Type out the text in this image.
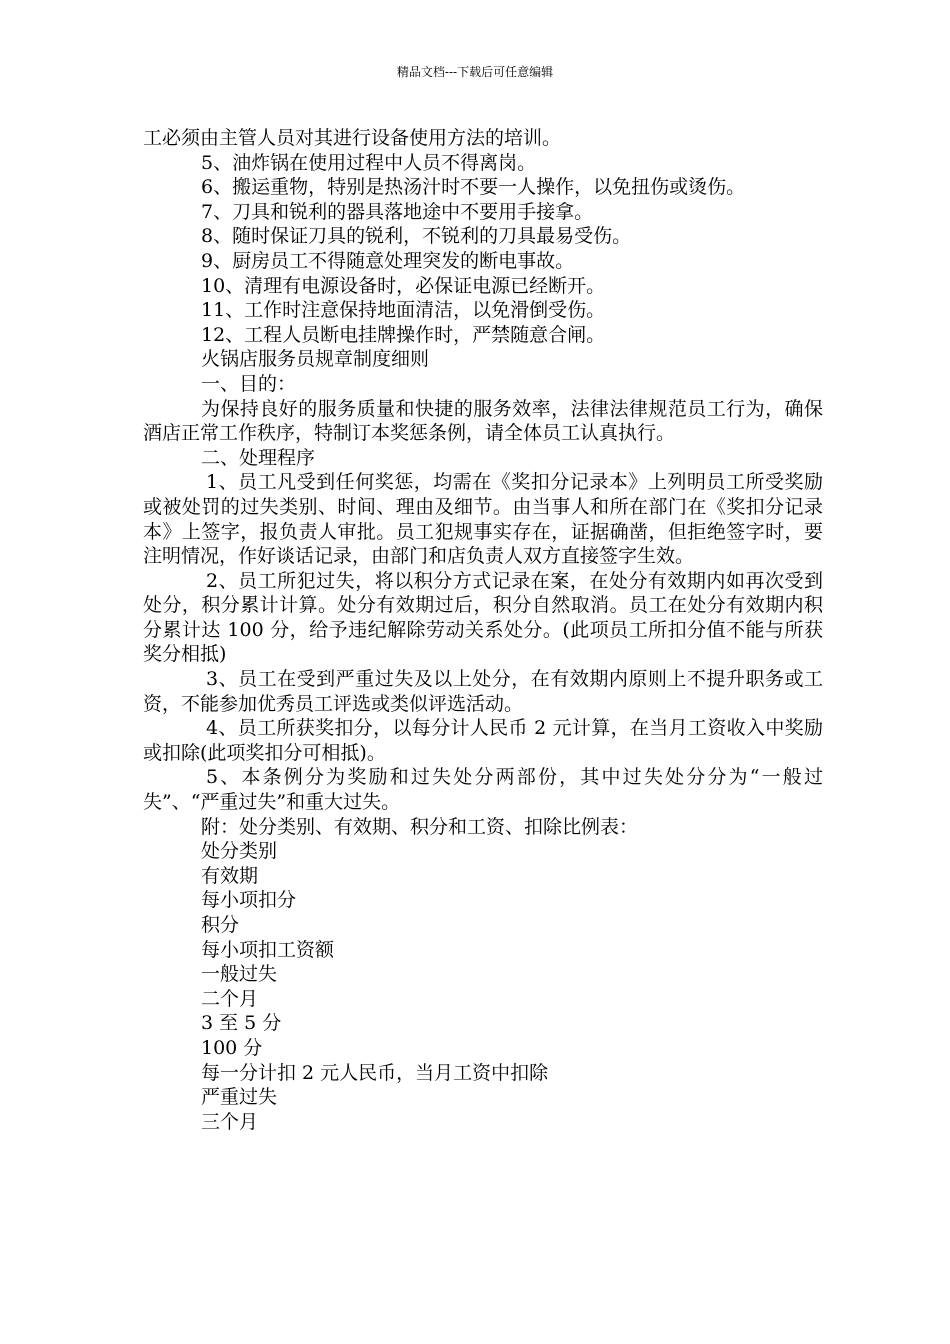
精品文档---下载后可任意编辑

工必须由主管人员对其进行设备使用方法的培训。

5、油炸锅在使用过程中人员不得离岗。

6、搬运重物，特别是热汤汁时不要一人操作，以免扭伤或烫伤。

7、刀具和锐利的器具落地途中不要用手接拿。

8、随时保证刀具的锐利，不锐利的刀具最易受伤。

9、厨房员工不得随意处理突发的断电事故。

10、清理有电源设备时，必保证电源已经断开。

11、工作时注意保持地面清洁，以免滑倒受伤。

12、工程人员断电挂牌操作时，严禁随意合闸。

火锅店服务员规章制度细则

一、目的：

为保持良好的服务质量和快捷的服务效率，法律法律规范员工行为，确保酒店正常工作秩序，特制订本奖惩条例，请全体员工认真执行。

二、处理程序

1、员工凡受到任何奖惩，均需在《奖扣分记录本》上列明员工所受奖励或被处罚的过失类别、时间、理由及细节。由当事人和所在部门在《奖扣分记录本》上签字，报负责人审批。员工犯规事实存在，证据确凿，但拒绝签字时，要注明情况，作好谈话记录，由部门和店负责人双方直接签字生效。

2、员工所犯过失，将以积分方式记录在案，在处分有效期内如再次受到处分，积分累计计算。处分有效期过后，积分自然取消。员工在处分有效期内积分累计达 100 分，给予违纪解除劳动关系处分。(此项员工所扣分值不能与所获奖分相抵)

3、员工在受到严重过失及以上处分，在有效期内原则上不提升职务或工资，不能参加优秀员工评选或类似评选活动。

4、员工所获奖扣分，以每分计人民币 2 元计算，在当月工资收入中奖励或扣除(此项奖扣分可相抵)。

5、本条例分为奖励和过失处分两部份，其中过失处分分为“一般过失”、“严重过失”和重大过失。

附：处分类别、有效期、积分和工资、扣除比例表：

处分类别

有效期

每小项扣分

积分

每小项扣工资额

一般过失

二个月

3 至 5 分

100 分

每一分计扣 2 元人民币，当月工资中扣除

严重过失

三个月
